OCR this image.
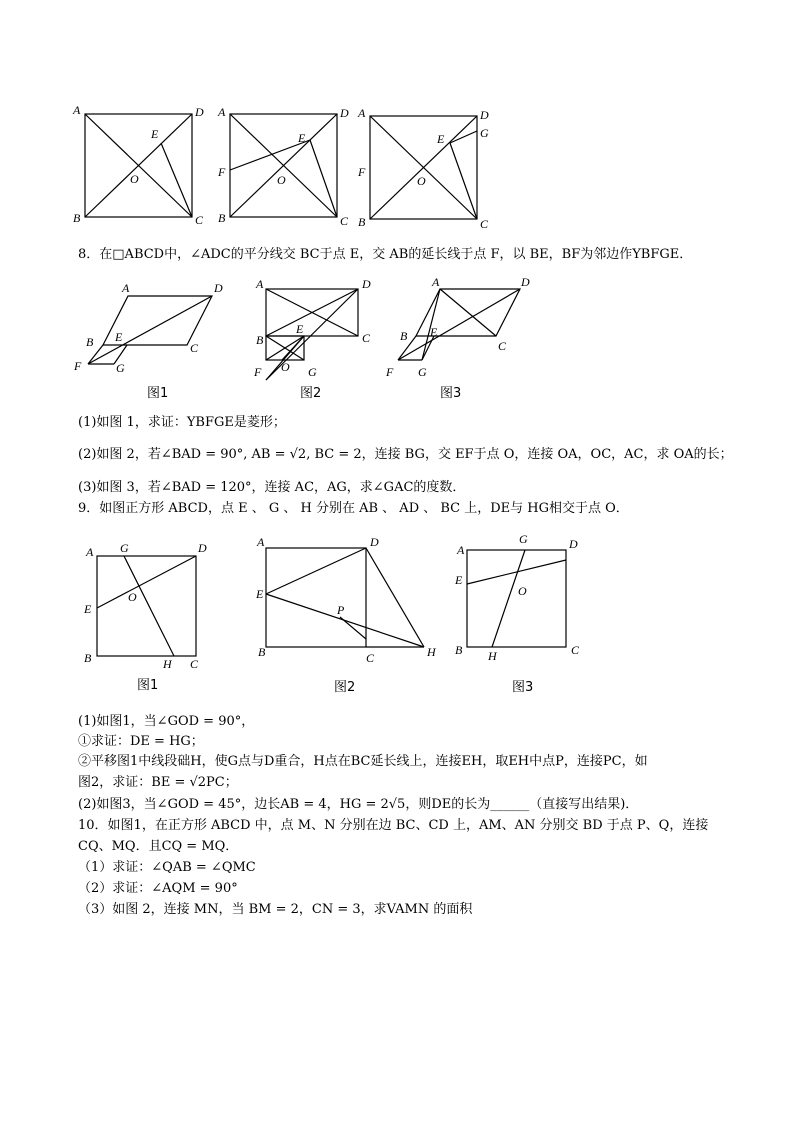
A	D
E
O
B	C
A	D
E
F
O
B	C
A	D
G
E
F
O
B	C
8．在□ABCD中，∠ADC的平分线交 BC于点 E，交 AB的延长线于点 F，以 BE，BF为邻边作YBFGE．
A	D
B E
C
F	G
A	D
E
B	C
O
F	G
A	D
B E
C
F G
图1	图2	图3
(1)如图 1，求证：YBFGE是菱形；
(2)如图 2，若∠BAD = 90°, AB = √2, BC = 2，连接 BG，交 EF于点 O，连接 OA，OC，AC，求 OA的长；
(3)如图 3，若∠BAD = 120°，连接 AC，AG，求∠GAC的度数．
9．如图正方形 ABCD，点 E 、 G 、 H 分别在 AB 、 AD 、 BC 上，DE与 HG相交于点 O．
A G	D
E
O
B	H C
A	D
E
P
B	C	H
A
G	D
E
O
B H	C
图1	图2	图3
(1)如图1，当∠GOD = 90°，
①求证：DE = HG；
②平移图1中线段础H，使G点与D重合，H点在BC延长线上，连接EH，取EH中点P，连接PC，如
图2，求证：BE = √2PC；
(2)如图3，当∠GOD = 45°，边长AB = 4，HG = 2√5，则DE的长为______（直接写出结果)．
10．如图1，在正方形 ABCD 中，点 M、N 分别在边 BC、CD 上，AM、AN 分别交 BD 于点 P、Q，连接
CQ、MQ．且CQ = MQ．
（1）求证：∠QAB = ∠QMC
（2）求证：∠AQM = 90°
（3）如图 2，连接 MN，当 BM = 2，CN = 3，求VAMN 的面积
